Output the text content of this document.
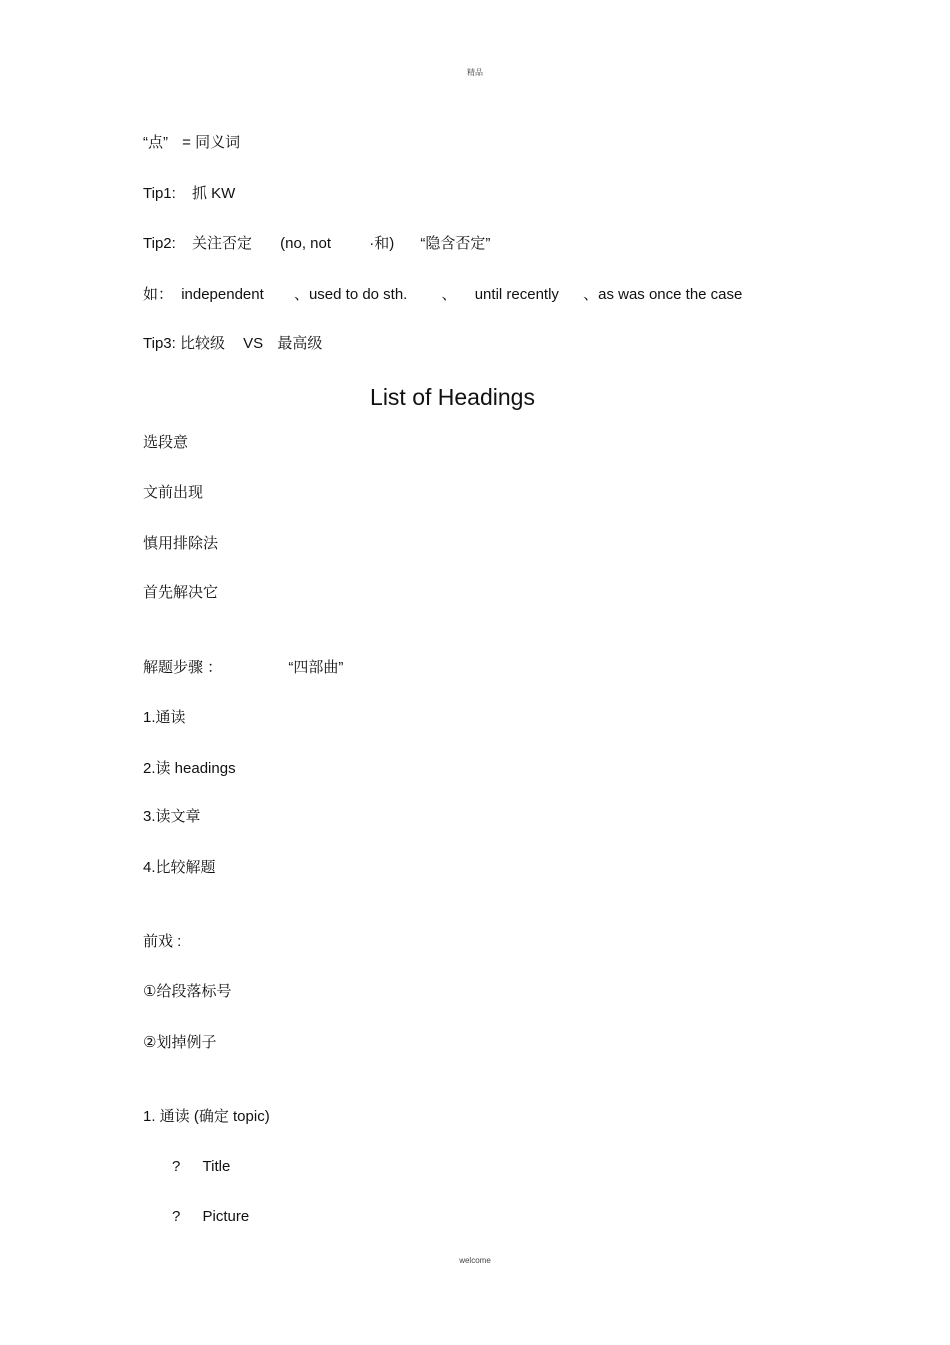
精品
“点” = 同义词
Tip1: 抓 KW
Tip2: 关注否定 (no, not	·和) “隐含否定”
如： independent 、used to do sth. 、 until recently 、as was once the case
Tip3: 比较级 VS 最高级
List of Headings
选段意
文前出现
慎用排除法
首先解决它
解题步骤 ：	“四部曲”
1.通读
2.读 headings
3.读文章
4.比较解题
前戏 :
①给段落标号
②划掉例子
1. 通读 (确定 topic)
? Title
? Picture
welcome
